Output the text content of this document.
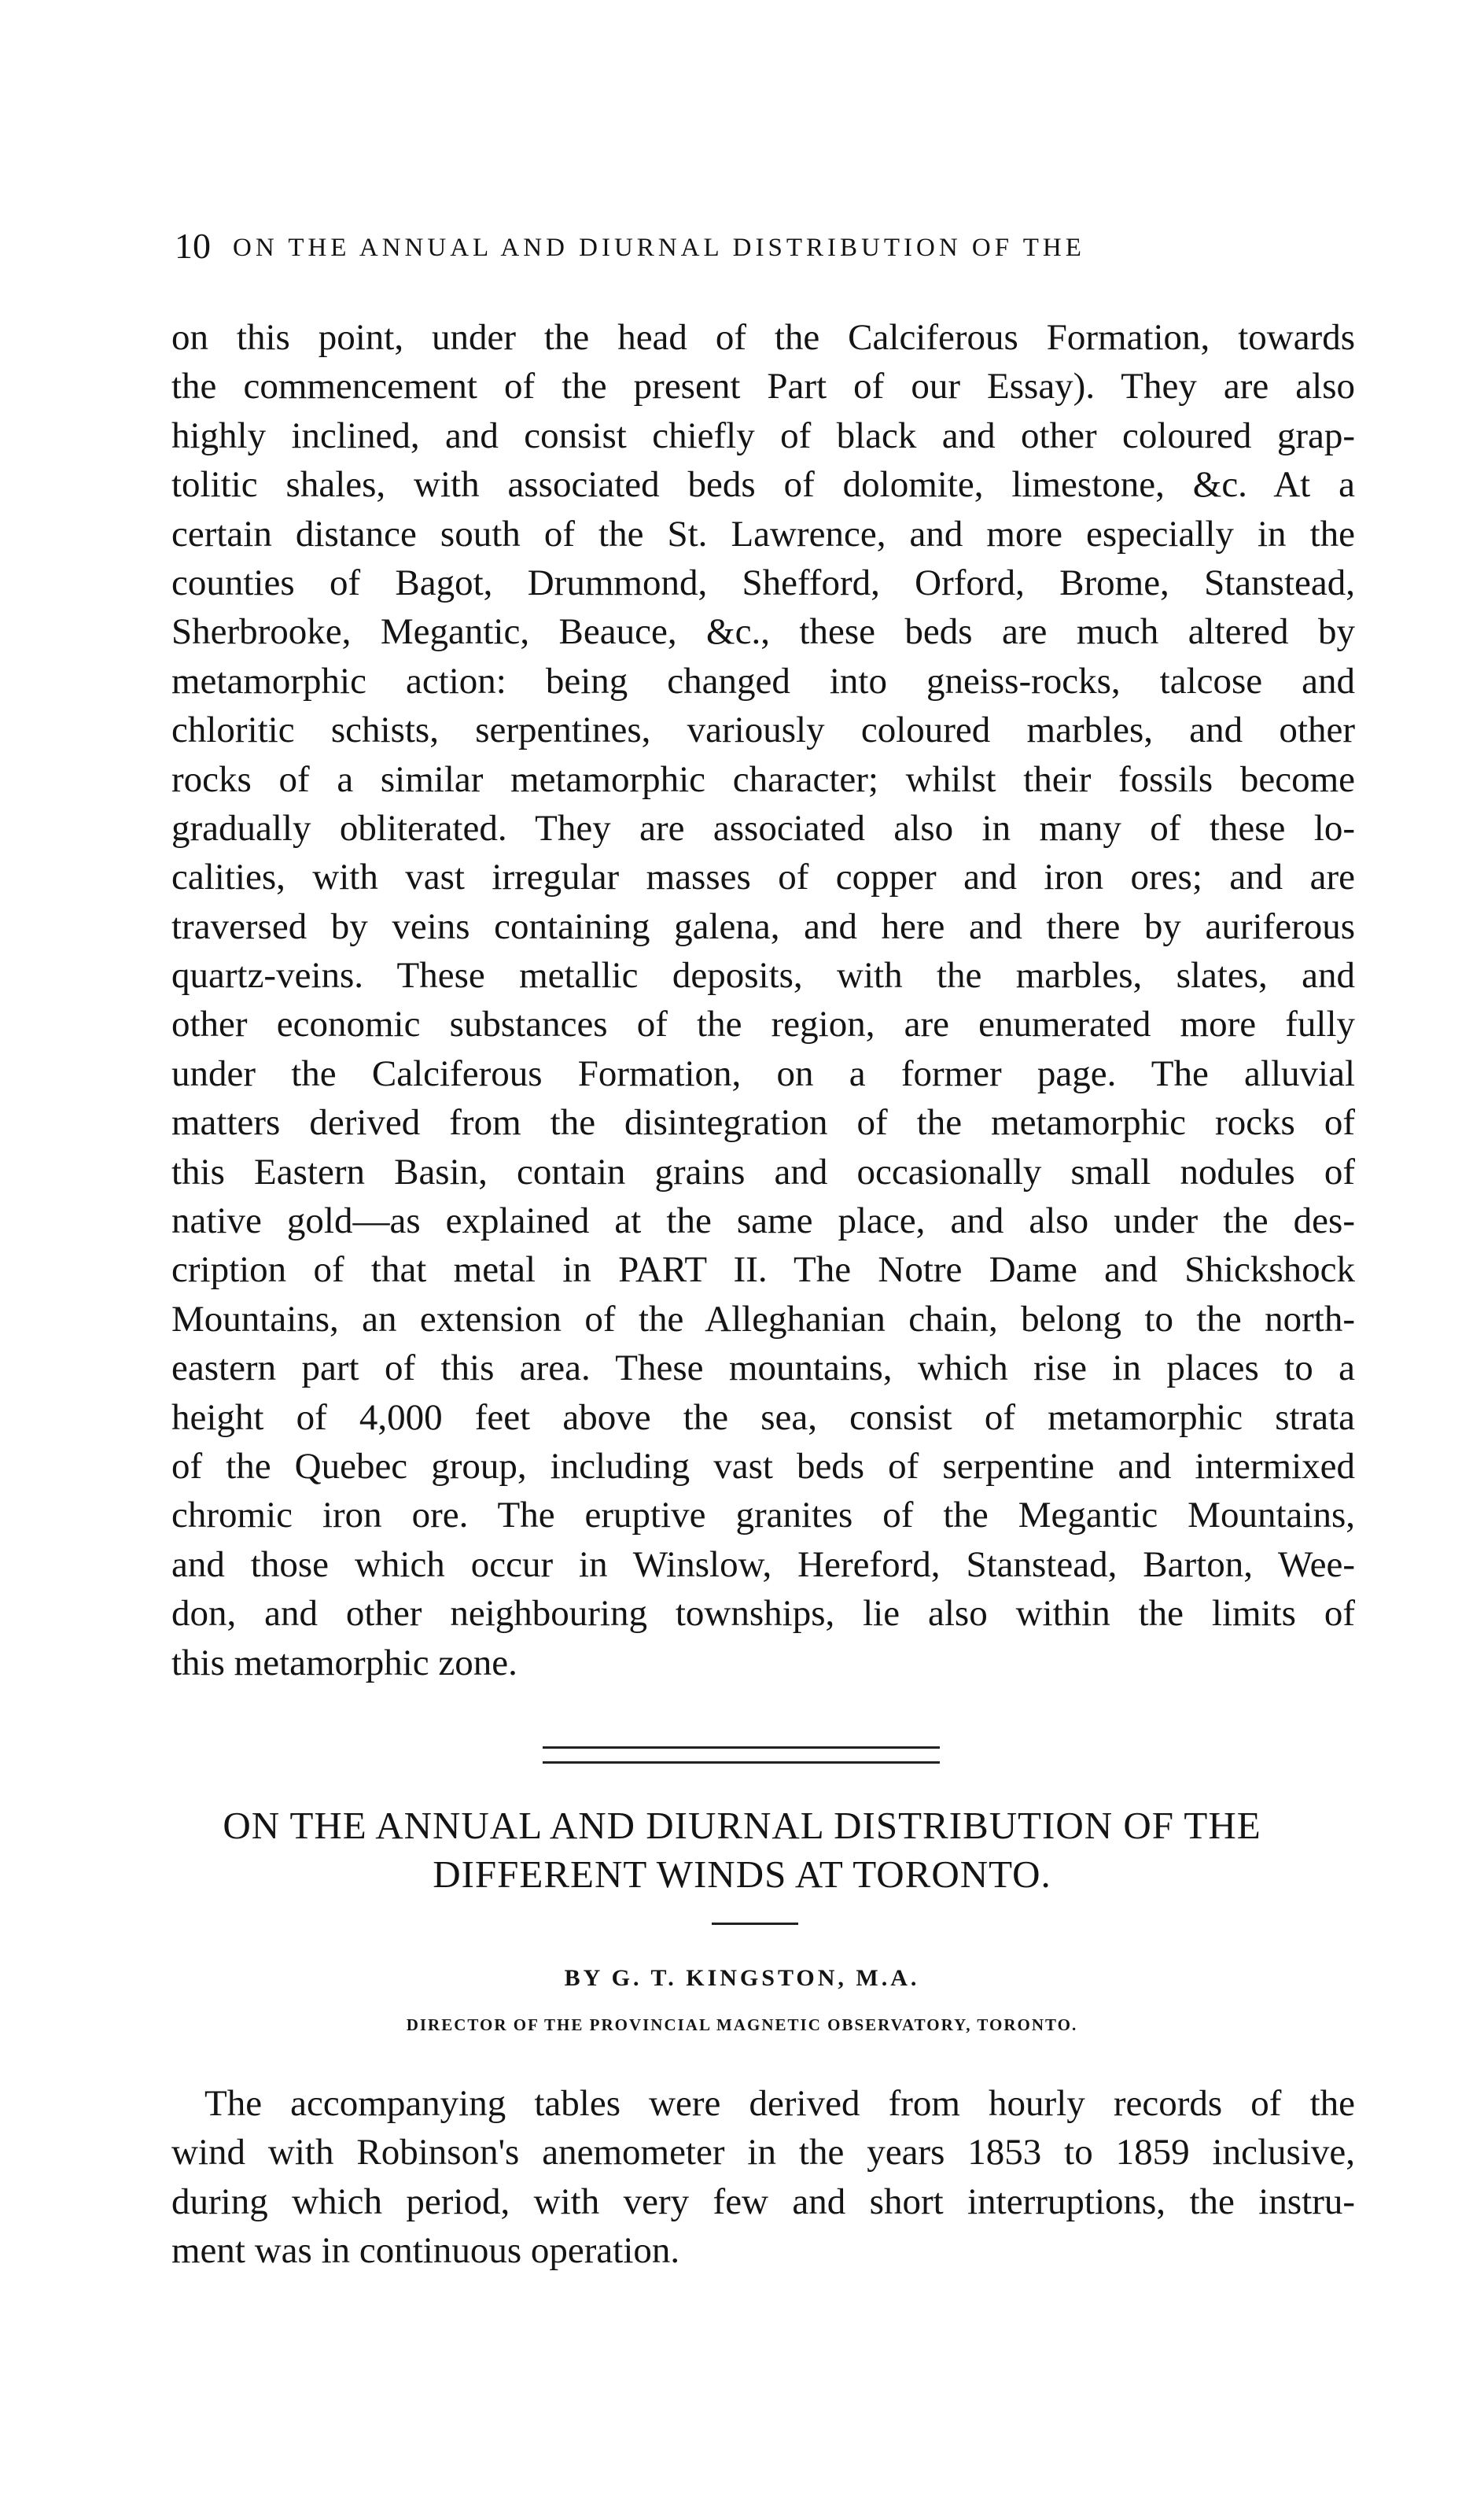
10 ON THE ANNUAL AND DIURNAL DISTRIBUTION OF THE
on this point, under the head of the Calciferous Formation, towards
the commencement of the present Part of our Essay). They are also
highly inclined, and consist chiefly of black and other coloured grap-
tolitic shales, with associated beds of dolomite, limestone, &c. At a
certain distance south of the St. Lawrence, and more especially in the
counties of Bagot, Drummond, Shefford, Orford, Brome, Stanstead,
Sherbrooke, Megantic, Beauce, &c., these beds are much altered by
metamorphic action: being changed into gneiss-rocks, talcose and
chloritic schists, serpentines, variously coloured marbles, and other
rocks of a similar metamorphic character; whilst their fossils become
gradually obliterated. They are associated also in many of these lo-
calities, with vast irregular masses of copper and iron ores; and are
traversed by veins containing galena, and here and there by auriferous
quartz-veins. These metallic deposits, with the marbles, slates, and
other economic substances of the region, are enumerated more fully
under the Calciferous Formation, on a former page. The alluvial
matters derived from the disintegration of the metamorphic rocks of
this Eastern Basin, contain grains and occasionally small nodules of
native gold—as explained at the same place, and also under the des-
cription of that metal in PART II. The Notre Dame and Shickshock
Mountains, an extension of the Alleghanian chain, belong to the north-
eastern part of this area. These mountains, which rise in places to a
height of 4,000 feet above the sea, consist of metamorphic strata
of the Quebec group, including vast beds of serpentine and intermixed
chromic iron ore. The eruptive granites of the Megantic Mountains,
and those which occur in Winslow, Hereford, Stanstead, Barton, Wee-
don, and other neighbouring townships, lie also within the limits of
this metamorphic zone.
ON THE ANNUAL AND DIURNAL DISTRIBUTION OF THE
DIFFERENT WINDS AT TORONTO.
BY G. T. KINGSTON, M.A.
DIRECTOR OF THE PROVINCIAL MAGNETIC OBSERVATORY, TORONTO.
The accompanying tables were derived from hourly records of the
wind with Robinson's anemometer in the years 1853 to 1859 inclusive,
during which period, with very few and short interruptions, the instru-
ment was in continuous operation.
